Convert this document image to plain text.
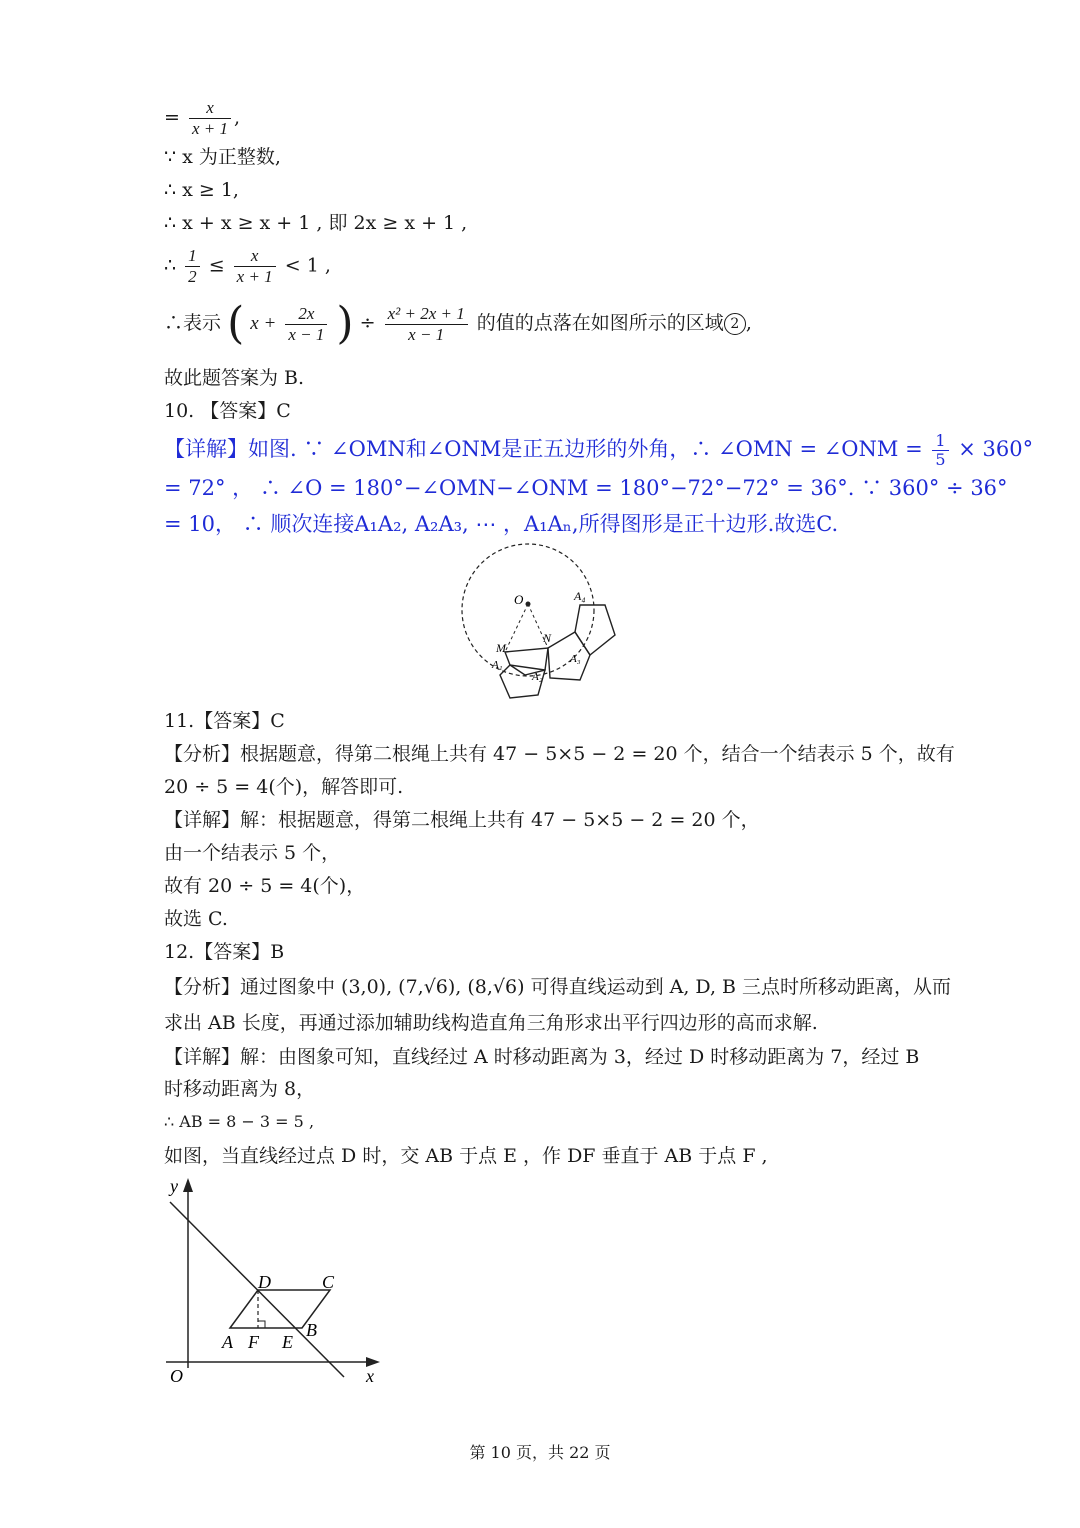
= $\frac{x}{x + 1}$ ,
∵ x 为正整数,
∴ x ≥ 1,
∴ x + x ≥ x + 1 , 即 2x ≥ x + 1 ,
∴ $\frac{1}{2} \le \frac{x}{x + 1} < 1$ ,
∴表示 ( $x + \frac{2x}{x - 1}$ ) ÷ $\frac{\text{x² + 2x + 1}}{x - 1}$ 的值的点落在如图所示的区域 2 ,
故此题答案为 B.
10. 【答案】C
【详解】如图. ∵ ∠OMN和∠ONM是正五边形的外角，∴ ∠OMN = ∠ONM = $\frac{1}{5} \times 360^\circ$
= 72° ， ∴ ∠O = 180°−∠OMN−∠ONM = 180°−72°−72° = 36°. ∵ 360° ÷ 36°
= 10， ∴ 顺次连接A₁A₂, A₂A₃, ⋯ ，A₁Aₙ,所得图形是正十边形.故选C.
O	A₄
N
M
A₁
A₂
A₃
11.【答案】C
【分析】根据题意，得第二根绳上共有 47 − 5×5 − 2 = 20 个，结合一个结表示 5 个，故有
20 ÷ 5 = 4(个)，解答即可.
【详解】解：根据题意，得第二根绳上共有 47 − 5×5 − 2 = 20 个，
由一个结表示 5 个，
故有 20 ÷ 5 = 4(个)，
故选 C.
12.【答案】B
【分析】通过图象中 (3,0), (7,√6), (8,√6) 可得直线运动到 A, D, B 三点时所移动距离，从而
求出 AB 长度，再通过添加辅助线构造直角三角形求出平行四边形的高而求解.
【详解】解：由图象可知，直线经过 A 时移动距离为 3，经过 D 时移动距离为 7，经过 B
时移动距离为 8，
∴ AB = 8 − 3 = 5 ,
如图，当直线经过点 D 时，交 AB 于点 E ，作 DF 垂直于 AB 于点 F ,
y
x
O
D	C
A F E
B
第 10 页，共 22 页
